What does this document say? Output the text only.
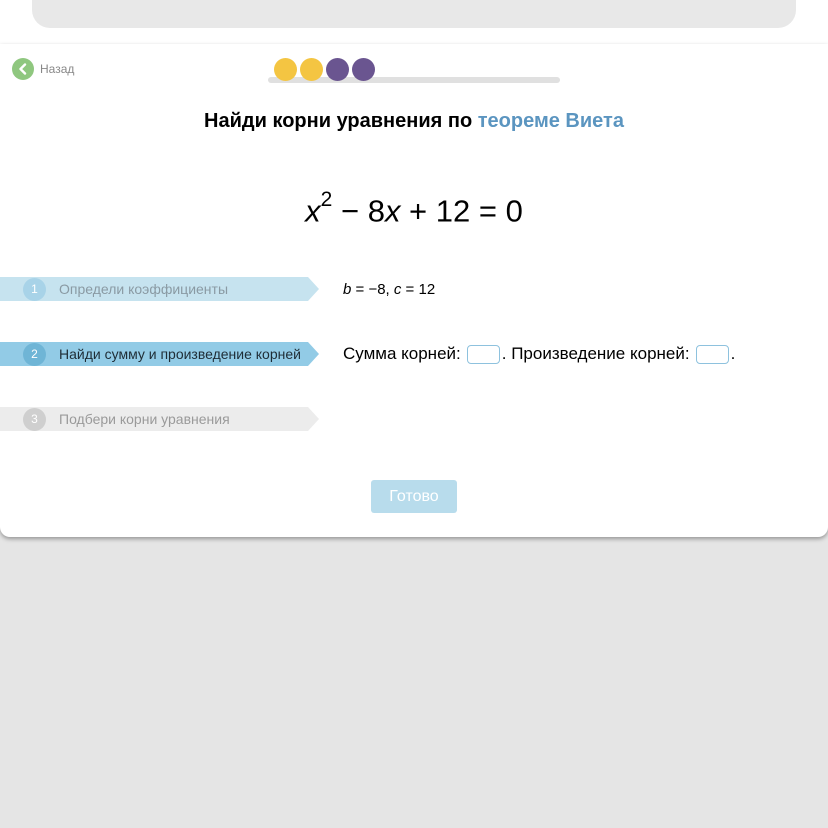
Назад
Найди корни уравнения по теореме Виета
$x^2 - 8x + 12 = 0$
1	Определи коэффициенты
2	Найди сумму и произведение корней
3	Подбери корни уравнения
b = −8, c = 12
Сумма корней: . Произведение корней: .
Готово
